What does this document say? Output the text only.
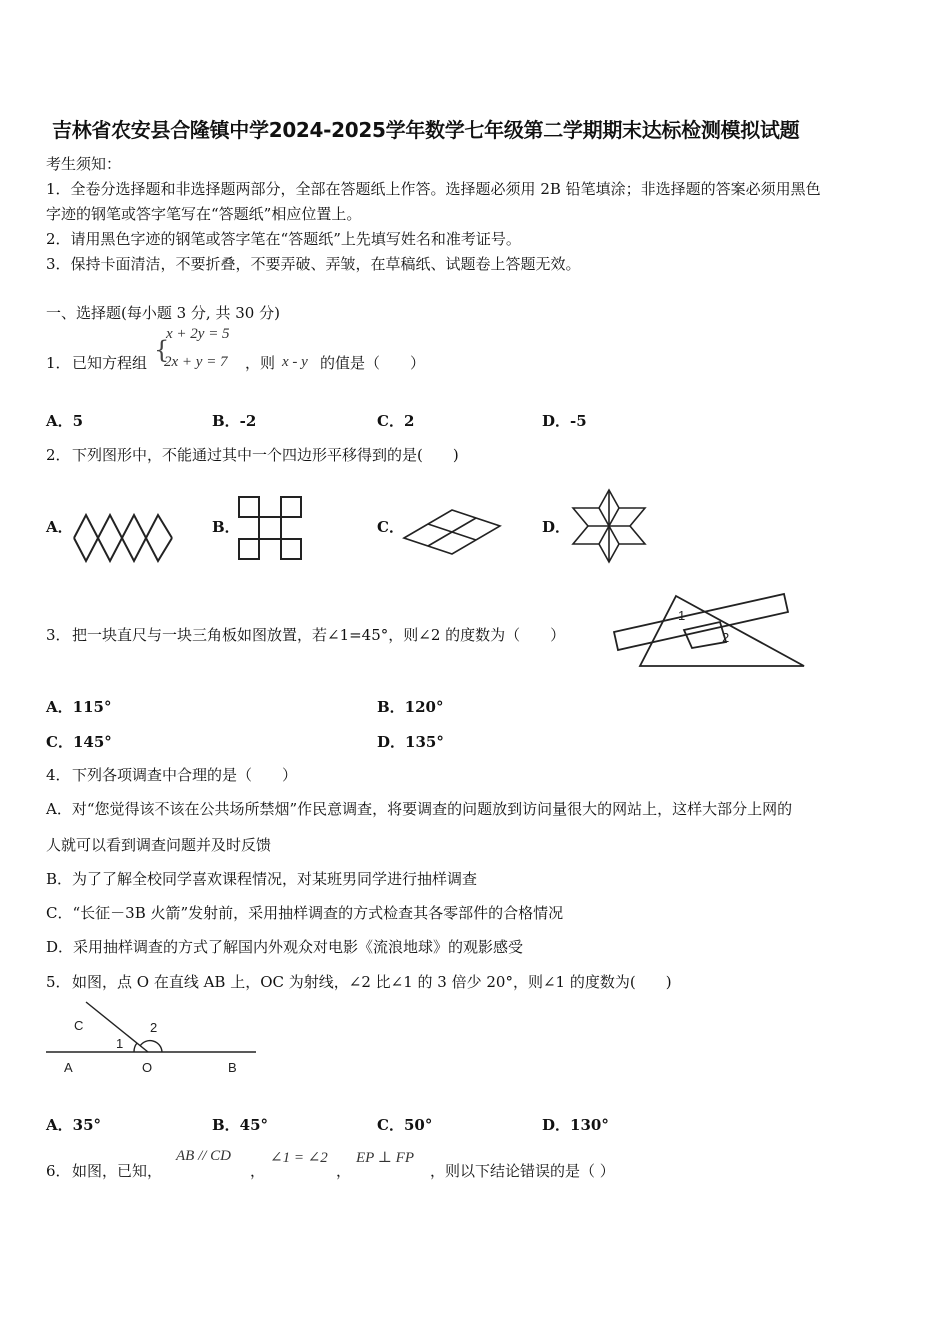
吉林省农安县合隆镇中学2024-2025学年数学七年级第二学期期末达标检测模拟试题
考生须知：
1．全卷分选择题和非选择题两部分，全部在答题纸上作答。选择题必须用 2B 铅笔填涂；非选择题的答案必须用黑色
字迹的钢笔或答字笔写在“答题纸”相应位置上。
2．请用黑色字迹的钢笔或答字笔在“答题纸”上先填写姓名和准考证号。
3．保持卡面清洁，不要折叠，不要弄破、弄皱，在草稿纸、试题卷上答题无效。
一、选择题(每小题 3 分, 共 30 分)
1． 已知方程组 {
x + 2y = 5
2x + y = 7 ，则 x - y 的值是（　　）
A．5	B．-2	C．2	D．-5
2． 下列图形中，不能通过其中一个四边形平移得到的是(　　)
A．	B．	C．	D．
3． 把一块直尺与一块三角板如图放置，若∠1=45°，则∠2 的度数为（　　）
1
2
A．115°	B．120°
C．145°	D．135°
4． 下列各项调查中合理的是（　　）
A．对“您觉得该不该在公共场所禁烟”作民意调查，将要调查的问题放到访问量很大的网站上，这样大部分上网的
人就可以看到调查问题并及时反馈
B．为了了解全校同学喜欢课程情况，对某班男同学进行抽样调查
C．“长征－3B 火箭”发射前，采用抽样调查的方式检查其各零部件的合格情况
D．采用抽样调查的方式了解国内外观众对电影《流浪地球》的观影感受
5． 如图，点 O 在直线 AB 上，OC 为射线，∠2 比∠1 的 3 倍少 20°，则∠1 的度数为(　　)
C	2
1
A	O	B
A．35°	B．45°	C．50°	D．130°
6． 如图，已知，
AB // CD
，
∠1 = ∠2
，
EP ⊥ FP
，则以下结论错误的是（ ）
